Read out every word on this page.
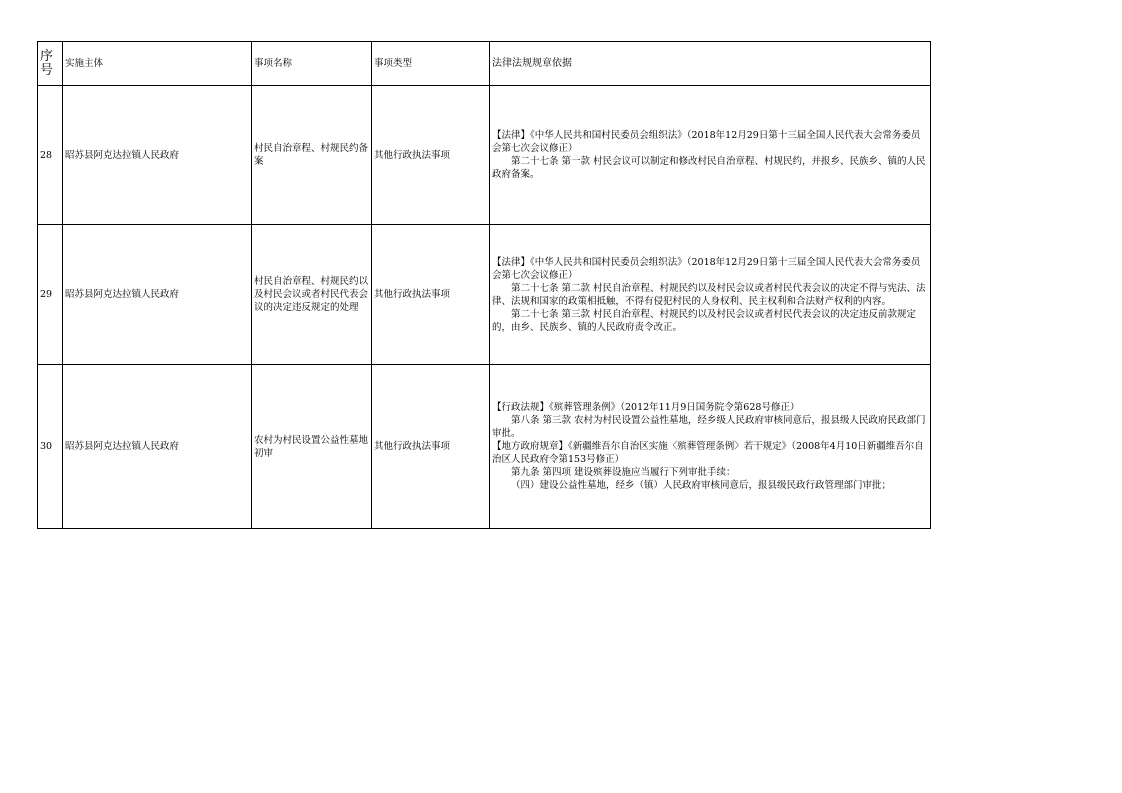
序号	实施主体	事项名称	事项类型	法律法规规章依据
28	昭苏县阿克达拉镇人民政府	村民自治章程、村规民约备案	其他行政执法事项	【法律】《中华人民共和国村民委员会组织法》（2018年12月29日第十三届全国人民代表大会常务委员会第七次会议修正）

第二十七条 第一款 村民会议可以制定和修改村民自治章程、村规民约，并报乡、民族乡、镇的人民政府备案。

29	昭苏县阿克达拉镇人民政府	村民自治章程、村规民约以及村民会议或者村民代表会议的决定违反规定的处理	其他行政执法事项	【法律】《中华人民共和国村民委员会组织法》（2018年12月29日第十三届全国人民代表大会常务委员会第七次会议修正）

第二十七条 第二款 村民自治章程、村规民约以及村民会议或者村民代表会议的决定不得与宪法、法律、法规和国家的政策相抵触，不得有侵犯村民的人身权利、民主权利和合法财产权利的内容。

第二十七条 第三款 村民自治章程、村规民约以及村民会议或者村民代表会议的决定违反前款规定的，由乡、民族乡、镇的人民政府责令改正。

30	昭苏县阿克达拉镇人民政府	农村为村民设置公益性墓地初审	其他行政执法事项	【行政法规】《殡葬管理条例》（2012年11月9日国务院令第628号修正）

第八条 第三款 农村为村民设置公益性墓地，经乡级人民政府审核同意后，报县级人民政府民政部门审批。

【地方政府规章】《新疆维吾尔自治区实施〈殡葬管理条例〉若干规定》（2008年4月10日新疆维吾尔自治区人民政府令第153号修正）

第九条 第四项 建设殡葬设施应当履行下列审批手续：

（四）建设公益性墓地，经乡（镇）人民政府审核同意后，报县级民政行政管理部门审批；
